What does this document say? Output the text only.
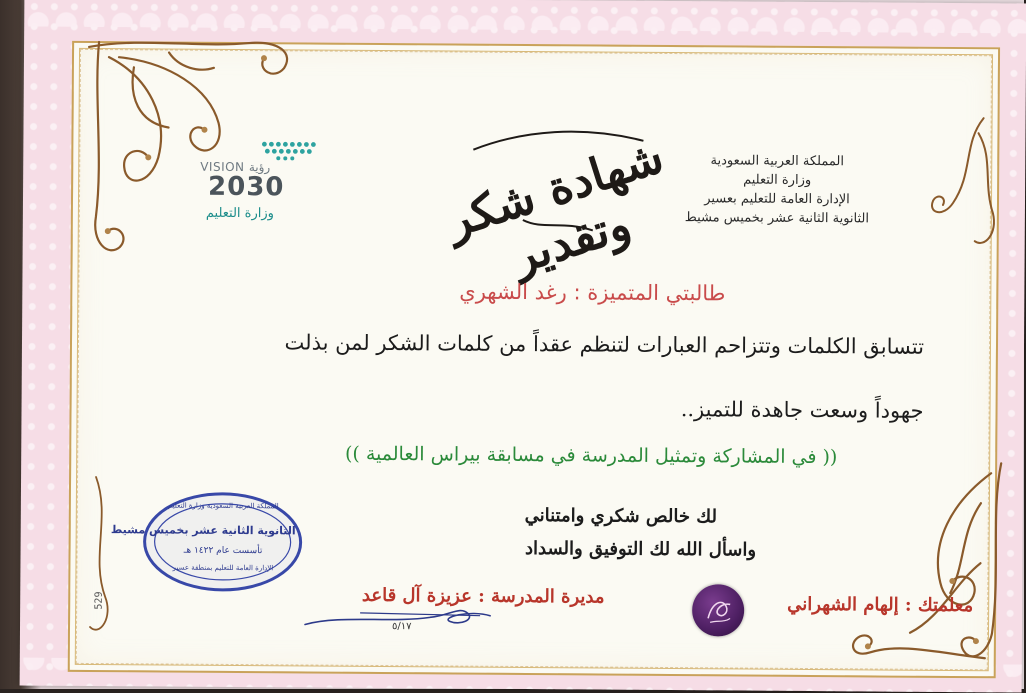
شهادة شكر وتقدير
المملكة العربية السعودية
وزارة التعليم
الإدارة العامة للتعليم بعسير
الثانوية الثانية عشر بخميس مشيط
VISION رؤية
2030
وزارة التعليم
طالبتي المتميزة : رغد الشهري
تتسابق الكلمات وتتزاحم العبارات لتنظم عقداً من كلمات الشكر لمن بذلت
جهوداً وسعت جاهدة للتميز..
(( في المشاركة وتمثيل المدرسة في مسابقة بيراس العالمية ))
لك خالص شكري وامتناني
واسأل الله لك التوفيق والسداد
المملكة العربية السعودية وزارة التعليم
الثانوية الثانية عشر بخميس مشيط
تأسست عام ١٤٢٢ هـ
الإدارة العامة للتعليم بمنطقة عسير
529	مديرة المدرسة : عزيزة آل قاعد
٥/١٧
معلمتك : إلهام الشهراني
